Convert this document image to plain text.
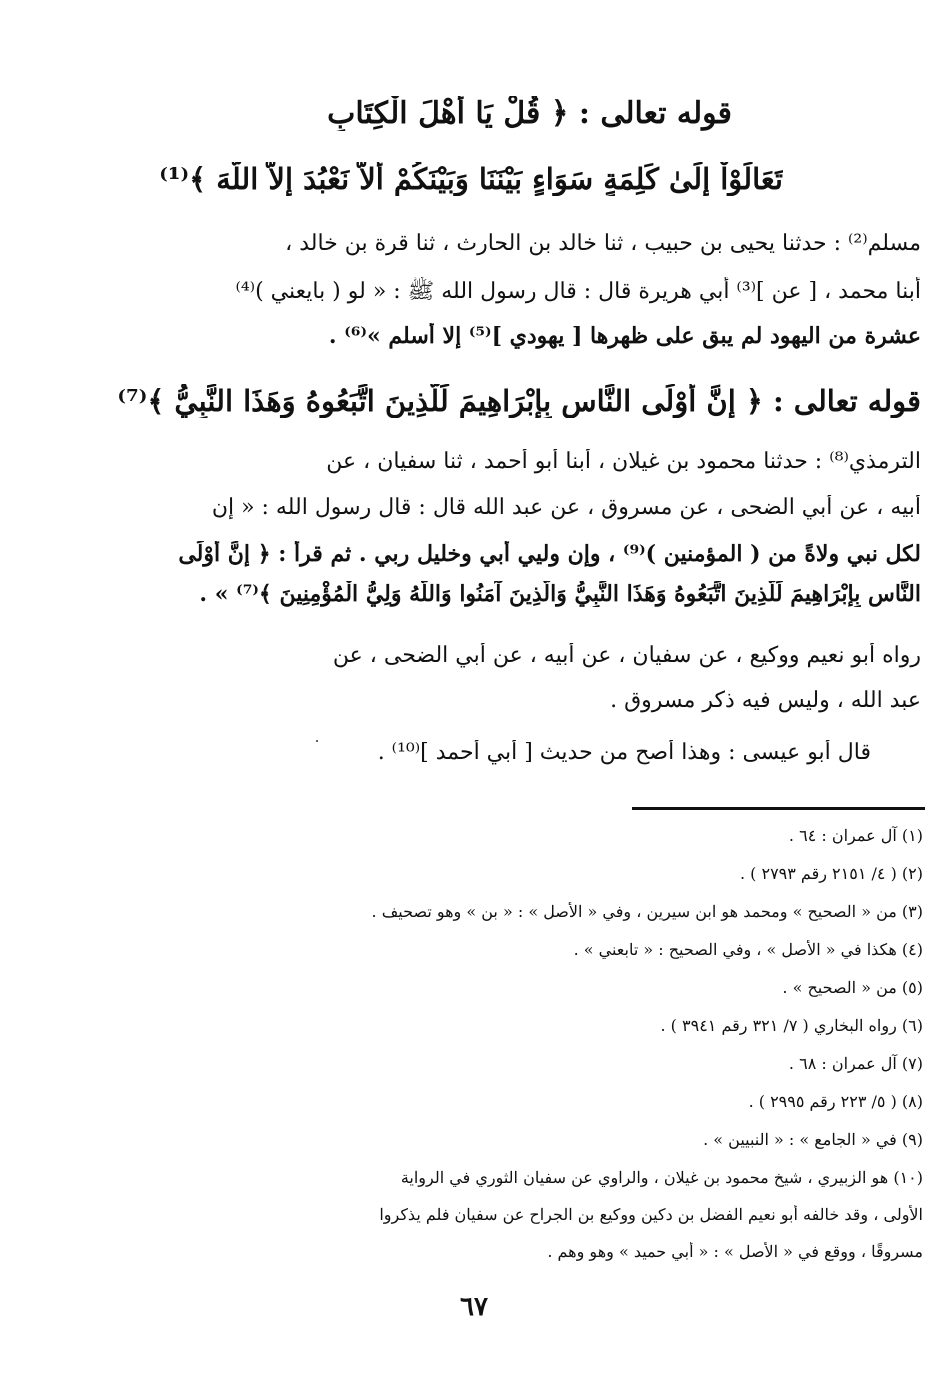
قوله تعالى : ﴿ قُلْ يَا أَهْلَ الْكِتَابِ
تَعَالَوْاْ إِلَىٰ كَلِمَةٍ سَوَاءٍ بَيْنَنَا وَبَيْنَكُمْ أَلاَّ نَعْبُدَ إِلاَّ اللَّهَ ﴾⁽¹⁾
مسلم⁽²⁾ : حدثنا يحيى بن حبيب ، ثنا خالد بن الحارث ، ثنا قرة بن خالد ،
أبنا محمد ، [ عن ]⁽³⁾ أبي هريرة قال : قال رسول الله ﷺ : « لو ( بايعني )⁽⁴⁾
عشرة من اليهود لم يبق على ظهرها [ يهودي ]⁽⁵⁾ إلا أسلم »⁽⁶⁾ .
قوله تعالى : ﴿ إِنَّ أَوْلَى النَّاسِ بِإِبْرَاهِيمَ لَلَّذِينَ اتَّبَعُوهُ وَهَذَا النَّبِيُّ ﴾⁽⁷⁾
الترمذي⁽⁸⁾ : حدثنا محمود بن غيلان ، أبنا أبو أحمد ، ثنا سفيان ، عن
أبيه ، عن أبي الضحى ، عن مسروق ، عن عبد الله قال : قال رسول الله : « إن
لكل نبي ولاةً من ( المؤمنين )⁽⁹⁾ ، وإن وليي أبي وخليل ربي . ثم قرأ : ﴿ إِنَّ أَوْلَى
النَّاسِ بِإِبْرَاهِيمَ لَلَّذِينَ اتَّبَعُوهُ وَهَذَا النَّبِيُّ وَالَّذِينَ آمَنُوا وَاللَّهُ وَلِيُّ الْمُؤْمِنِينَ ﴾⁽⁷⁾ » .
رواه أبو نعيم ووكيع ، عن سفيان ، عن أبيه ، عن أبي الضحى ، عن
عبد الله ، وليس فيه ذكر مسروق .
قال أبو عيسى : وهذا أصح من حديث [ أبي أحمد ]⁽¹⁰⁾ .
(١) آل عمران : ٦٤ .
(٢) ( ٤/ ٢١٥١ رقم ٢٧٩٣ ) .
(٣) من « الصحيح » ومحمد هو ابن سيرين ، وفي « الأصل » : « بن » وهو تصحيف .
(٤) هكذا في « الأصل » ، وفي الصحيح : « تابعني » .
(٥) من « الصحيح » .
(٦) رواه البخاري ( ٧/ ٣٢١ رقم ٣٩٤١ ) .
(٧) آل عمران : ٦٨ .
(٨) ( ٥/ ٢٢٣ رقم ٢٩٩٥ ) .
(٩) في « الجامع » : « النبيين » .
(١٠) هو الزبيري ، شيخ محمود بن غيلان ، والراوي عن سفيان الثوري في الرواية
الأولى ، وقد خالفه أبو نعيم الفضل بن دكين ووكيع بن الجراح عن سفيان فلم يذكروا
مسروقًا ، ووقع في « الأصل » : « أبي حميد » وهو وهم .
٦٧
